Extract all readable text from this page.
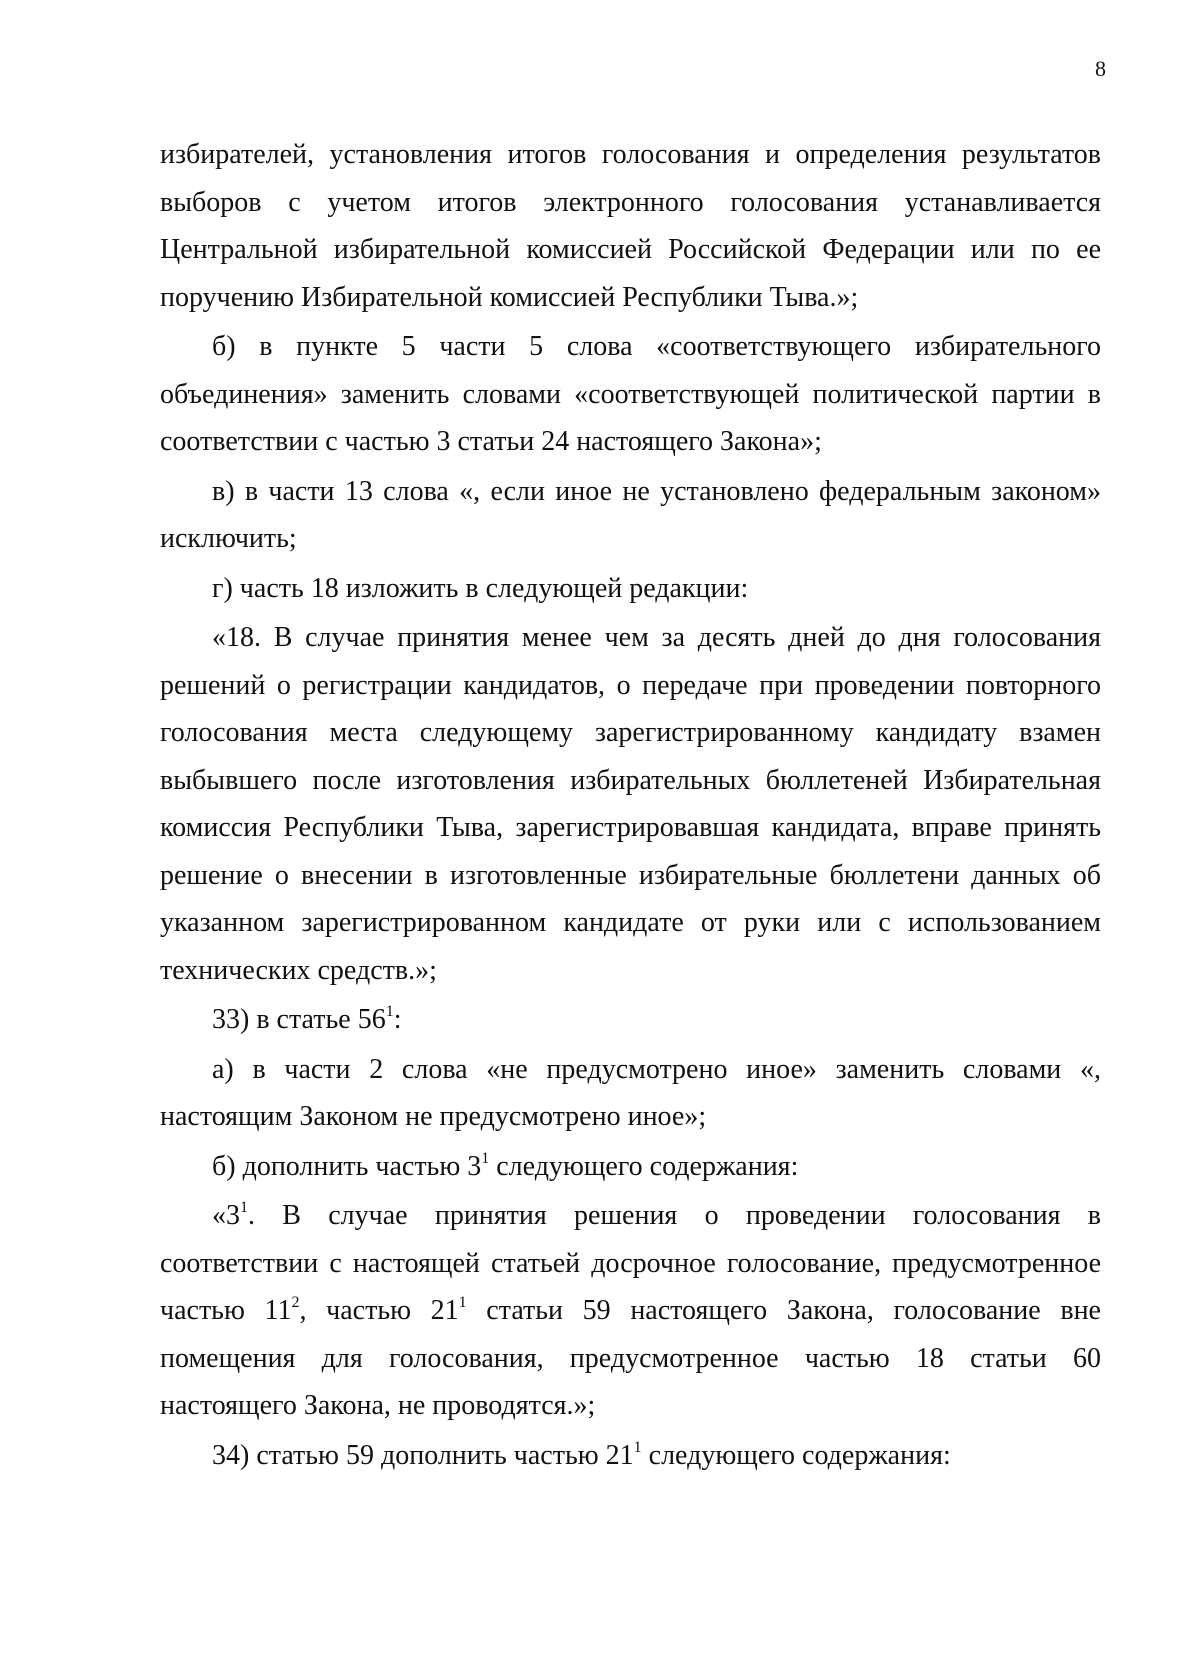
8

избирателей, установления итогов голосования и определения результатов выборов с учетом итогов электронного голосования устанавливается Центральной избирательной комиссией Российской Федерации или по ее поручению Избирательной комиссией Республики Тыва.»;

б) в пункте 5 части 5 слова «соответствующего избирательного объединения» заменить словами «соответствующей политической партии в соответствии с частью 3 статьи 24 настоящего Закона»;

в) в части 13 слова «, если иное не установлено федеральным законом» исключить;

г) часть 18 изложить в следующей редакции:

«18. В случае принятия менее чем за десять дней до дня голосования решений о регистрации кандидатов, о передаче при проведении повторного голосования места следующему зарегистрированному кандидату взамен выбывшего после изготовления избирательных бюллетеней Избирательная комиссия Республики Тыва, зарегистрировавшая кандидата, вправе принять решение о внесении в изготовленные избирательные бюллетени данных об указанном зарегистрированном кандидате от руки или с использованием технических средств.»;

33) в статье $56^1$:

а) в части 2 слова «не предусмотрено иное» заменить словами «, настоящим Законом не предусмотрено иное»;

б) дополнить частью $3^1$ следующего содержания:

«$3^1$. В случае принятия решения о проведении голосования в соответствии с настоящей статьей досрочное голосование, предусмотренное частью $11^2$, частью $21^1$ статьи 59 настоящего Закона, голосование вне помещения для голосования, предусмотренное частью 18 статьи 60 настоящего Закона, не проводятся.»;

34) статью 59 дополнить частью $21^1$ следующего содержания:
